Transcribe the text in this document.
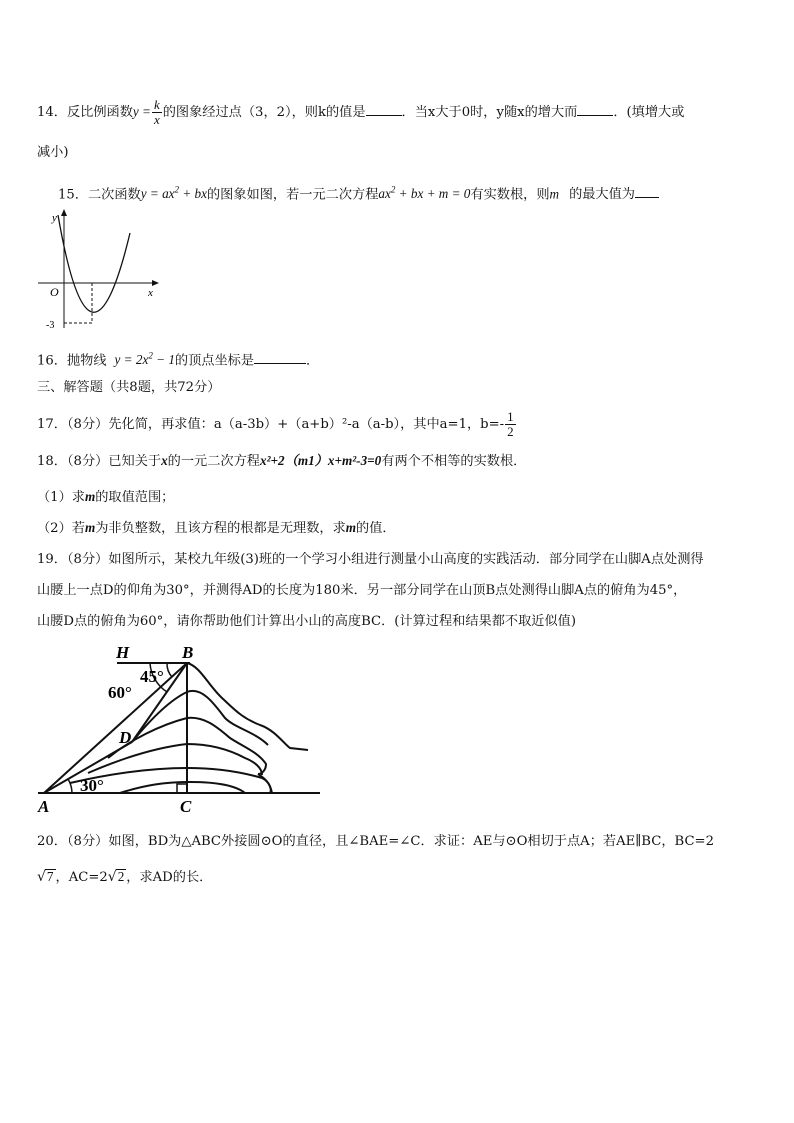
14．反比例函数$y = \frac{k}{x}$ 的图象经过点（3，2），则k的值是	．当x大于0时，y随x的增大而	．(填增大或
减小)
15．二次函数$y = ax^2$ + bx的图象如图，若一元二次方程$ax^2$ + bx + m = 0有实数根，则m 的最大值为
y
x
O
-3
16．抛物线 $y = 2x^2 - 1$的顶点坐标是	．
三、解答题（共8题，共72分）
17．（8分）先化简，再求值：a（a-3b）+（a+b）²-a（a-b），其中a=1，$b=- \frac{1}{2}$
18．（8分）已知关于x的一元二次方程x²+2（m1）x+m²-3=0有两个不相等的实数根．
（1）求m的取值范围；
（2）若m为非负整数，且该方程的根都是无理数，求m的值．
19．（8分）如图所示，某校九年级(3)班的一个学习小组进行测量小山高度的实践活动．部分同学在山脚A点处测得
山腰上一点D的仰角为30°，并测得AD的长度为180米．另一部分同学在山顶B点处测得山脚A点的俯角为45°，
山腰D点的俯角为60°，请你帮助他们计算出小山的高度BC．(计算过程和结果都不取近似值)
H	B
A	C
D
45°
60°
30°
20．（8分）如图，BD为△ABC外接圆⊙O的直径，且∠BAE=∠C．求证：AE与⊙O相切于点A；若AE∥BC，BC=2
√7 ，AC=2√2 ，求AD的长．
